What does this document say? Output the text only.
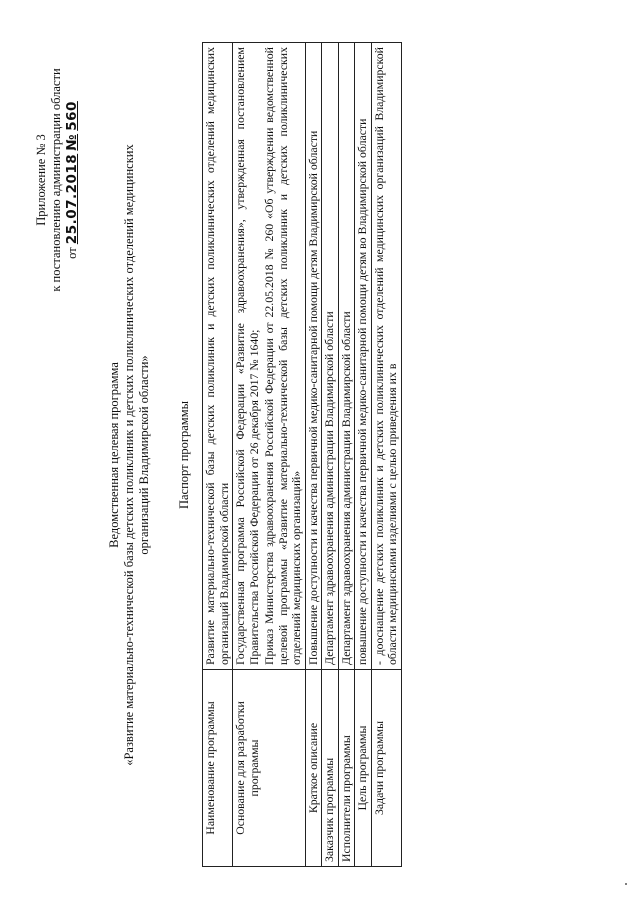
Приложение № 3 к постановлению администрации области от 25.07.2018 № 560
Ведомственная целевая программа «Развитие материально-технической базы детских поликлиник и детских поликлинических отделений медицинских организаций Владимирской области» Паспорт программы
Наименование программы	Развитие материально-технической базы детских поликлиник и детских поликлинических отделений медицинских организаций Владимирской области

Основание для разработки программы	Государственная программа Российской Федерации «Развитие здравоохранения», утвержденная постановлением Правительства Российской Федерации от 26 декабря 2017 № 1640; Приказ Министерства здравоохранения Российской Федерации от 22.05.2018 № 260 «Об утверждении ведомственной целевой программы «Развитие материально-технической базы детских поликлиник и детских поликлинических отделений медицинских организаций»

Краткое описание	Повышение доступности и качества первичной медико-санитарной помощи детям Владимирской области

Заказчик программы	Департамент здравоохранения администрации Владимирской области

Исполнители программы	Департамент здравоохранения администрации Владимирской области

Цель программы	повышение доступности и качества первичной медико-санитарной помощи детям во Владимирской области

Задачи программы	- дооснащение детских поликлиник и детских поликлинических отделений медицинских организаций Владимирской области медицинскими изделиями с целью приведения их в
